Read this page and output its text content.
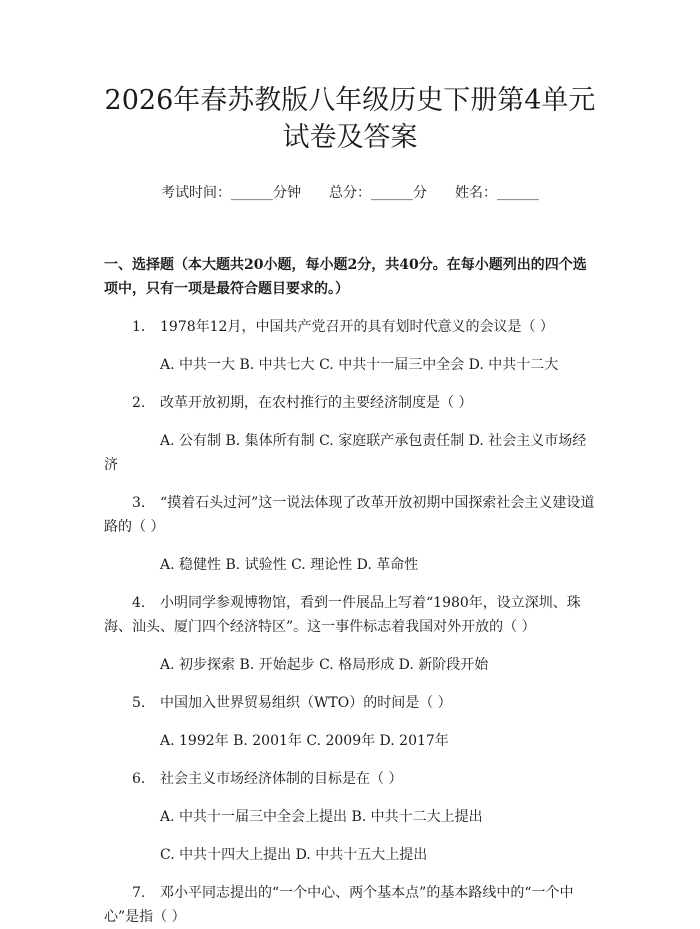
2026年春苏教版八年级历史下册第4单元试卷及答案
考试时间：______分钟 总分：______分 姓名：______
一、选择题（本大题共20小题，每小题2分，共40分。在每小题列出的四个选项中，只有一项是最符合题目要求的。）
1. 1978年12月，中国共产党召开的具有划时代意义的会议是（ ）
A. 中共一大 B. 中共七大 C. 中共十一届三中全会 D. 中共十二大
2. 改革开放初期，在农村推行的主要经济制度是（ ）
A. 公有制 B. 集体所有制 C. 家庭联产承包责任制 D. 社会主义市场经济
3. “摸着石头过河”这一说法体现了改革开放初期中国探索社会主义建设道路的（ ）
A. 稳健性 B. 试验性 C. 理论性 D. 革命性
4. 小明同学参观博物馆，看到一件展品上写着“1980年，设立深圳、珠海、汕头、厦门四个经济特区”。这一事件标志着我国对外开放的（ ）
A. 初步探索 B. 开始起步 C. 格局形成 D. 新阶段开始
5. 中国加入世界贸易组织（WTO）的时间是（ ）
A. 1992年 B. 2001年 C. 2009年 D. 2017年
6. 社会主义市场经济体制的目标是在（ ）
A. 中共十一届三中全会上提出 B. 中共十二大上提出
C. 中共十四大上提出 D. 中共十五大上提出
7. 邓小平同志提出的“一个中心、两个基本点”的基本路线中的“一个中心”是指（ ）
